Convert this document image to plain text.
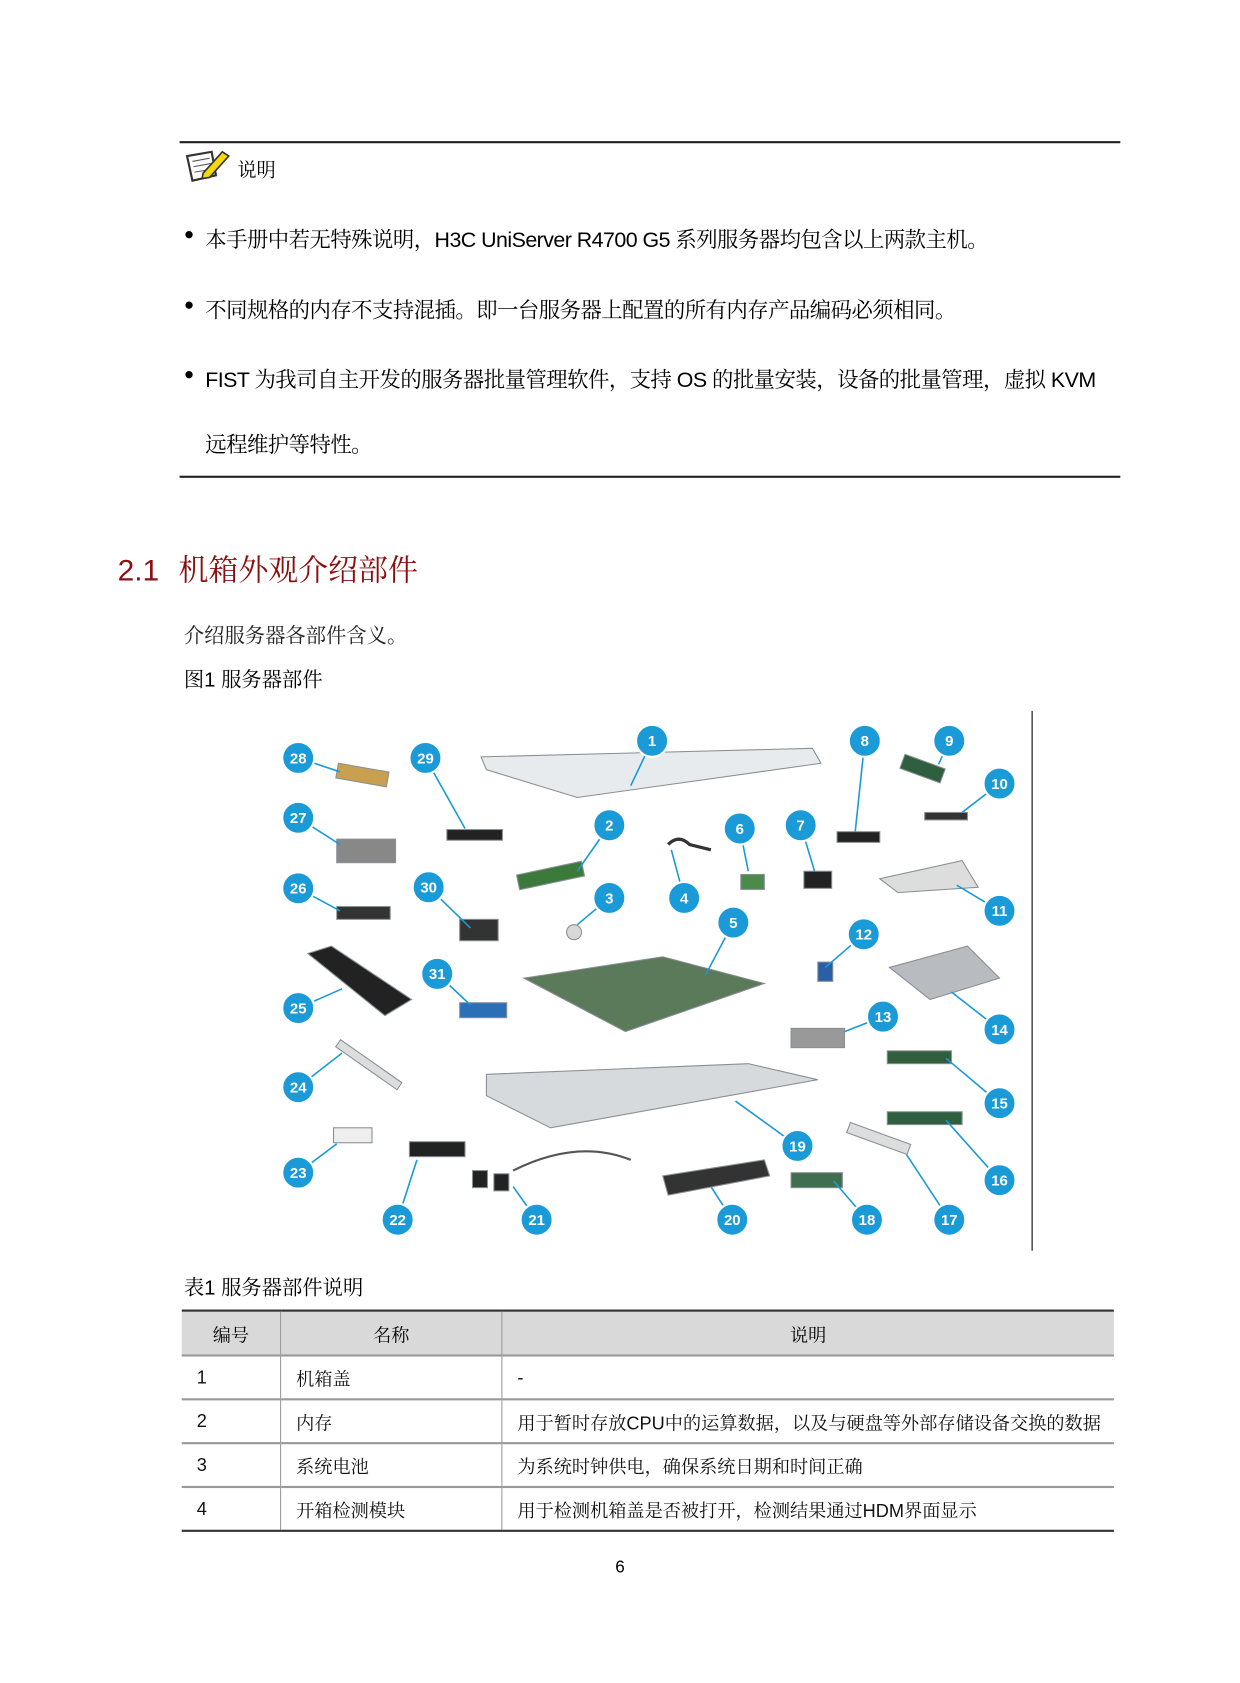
说明
● 本手册中若无特殊说明，H3C UniServer R4700 G5 系列服务器均包含以上两款主机。
● 不同规格的内存不支持混插。即一台服务器上配置的所有内存产品编码必须相同。
● FIST 为我司自主开发的服务器批量管理软件，支持 OS 的批量安装，设备的批量管理，虚拟 KVM
远程维护等特性。
2.1 机箱外观介绍部件
介绍服务器各部件含义。
图1 服务器部件
1
2
3	4
5
6	7
8	9
10
11
12
13
14
15
16
17
18
19
20
21
22
23
24
25
26
27
28	29
30
31
表1 服务器部件说明
编号	名称	说明
1	机箱盖	-
2	内存	用于暂时存放CPU中的运算数据，以及与硬盘等外部存储设备交换的数据
3	系统电池	为系统时钟供电，确保系统日期和时间正确
4	开箱检测模块	用于检测机箱盖是否被打开，检测结果通过HDM界面显示
6
